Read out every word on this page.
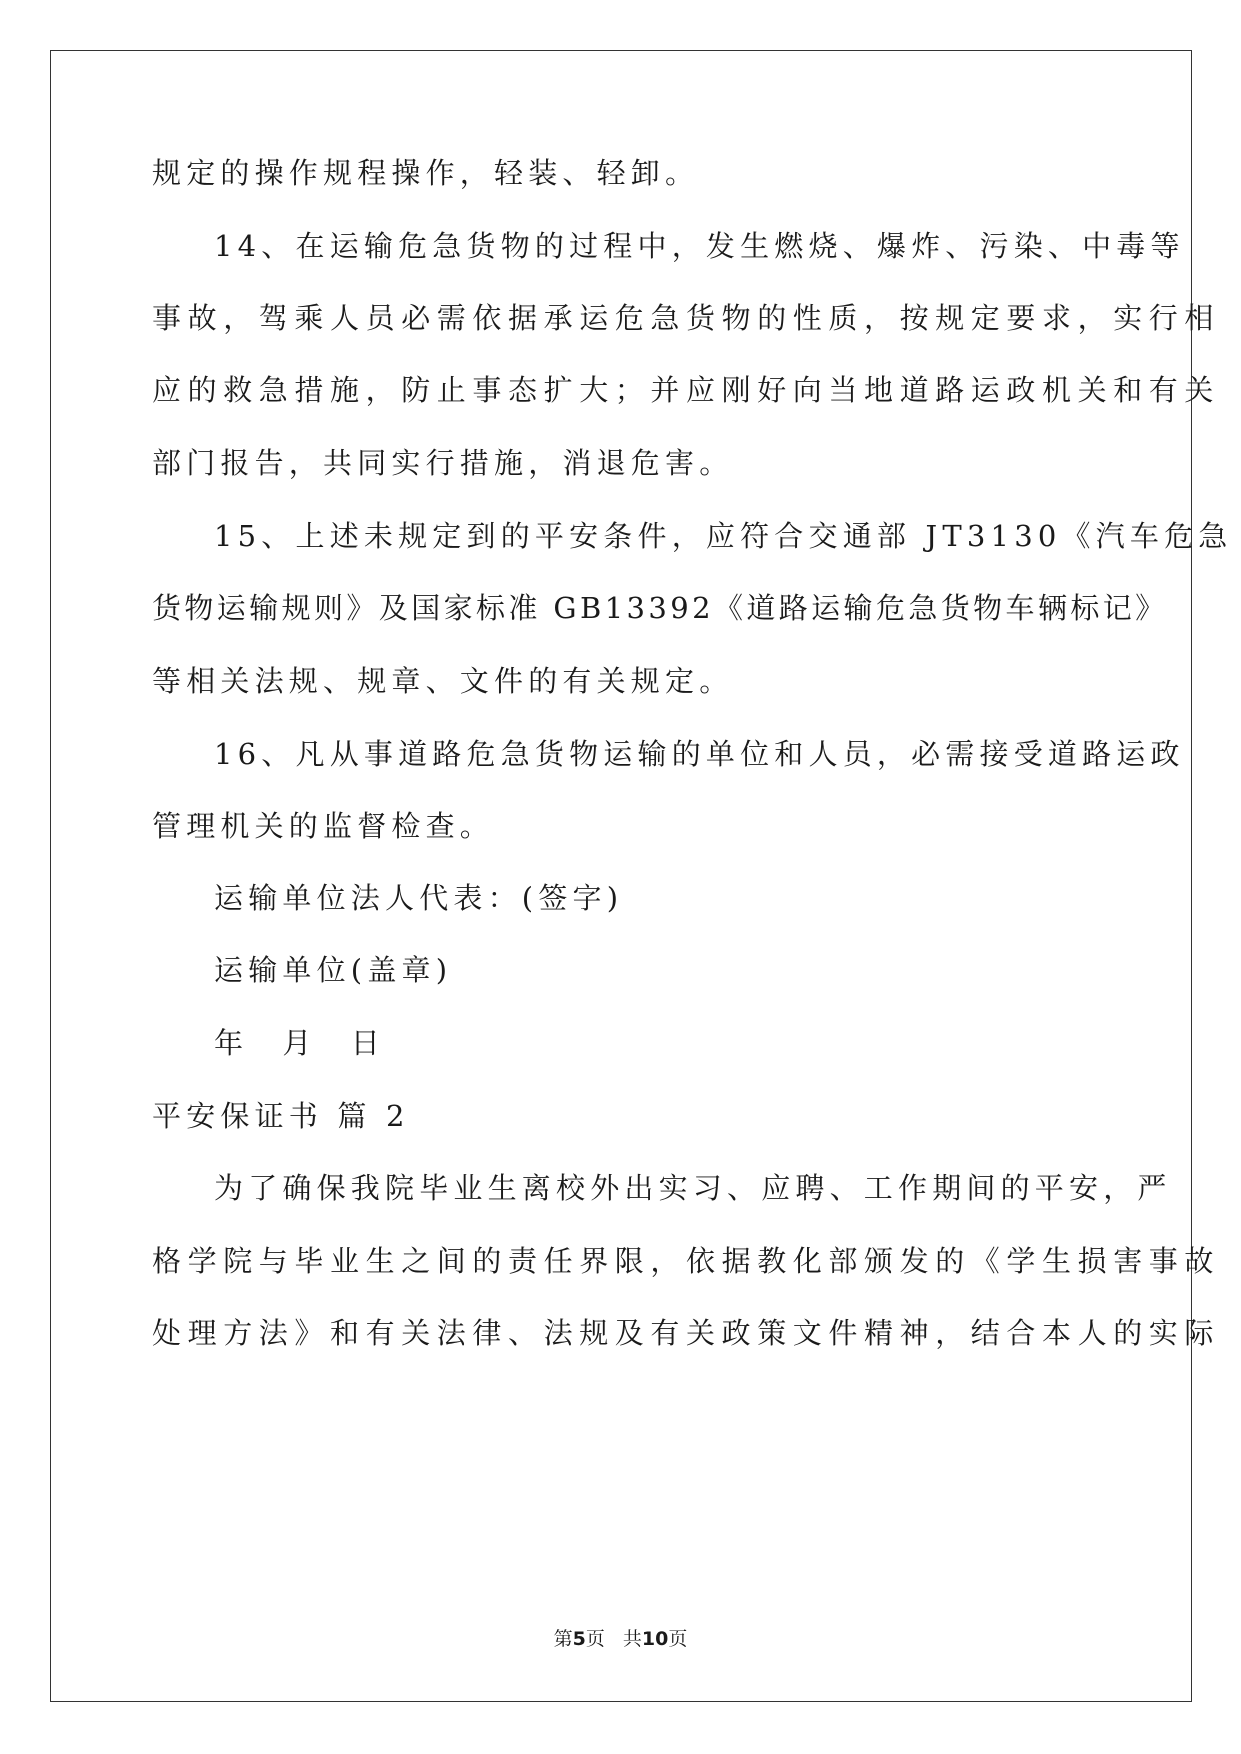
规定的操作规程操作，轻装、轻卸。
14、在运输危急货物的过程中，发生燃烧、爆炸、污染、中毒等
事故，驾乘人员必需依据承运危急货物的性质，按规定要求，实行相
应的救急措施，防止事态扩大；并应刚好向当地道路运政机关和有关
部门报告，共同实行措施，消退危害。
15、上述未规定到的平安条件，应符合交通部 JT3130《汽车危急
货物运输规则》及国家标准 GB13392《道路运输危急货物车辆标记》
等相关法规、规章、文件的有关规定。
16、凡从事道路危急货物运输的单位和人员，必需接受道路运政
管理机关的监督检查。
运输单位法人代表：(签字)
运输单位(盖章)
年　月　日
平安保证书 篇 2
为了确保我院毕业生离校外出实习、应聘、工作期间的平安，严
格学院与毕业生之间的责任界限，依据教化部颁发的《学生损害事故
处理方法》和有关法律、法规及有关政策文件精神，结合本人的实际
第5页 共10页
